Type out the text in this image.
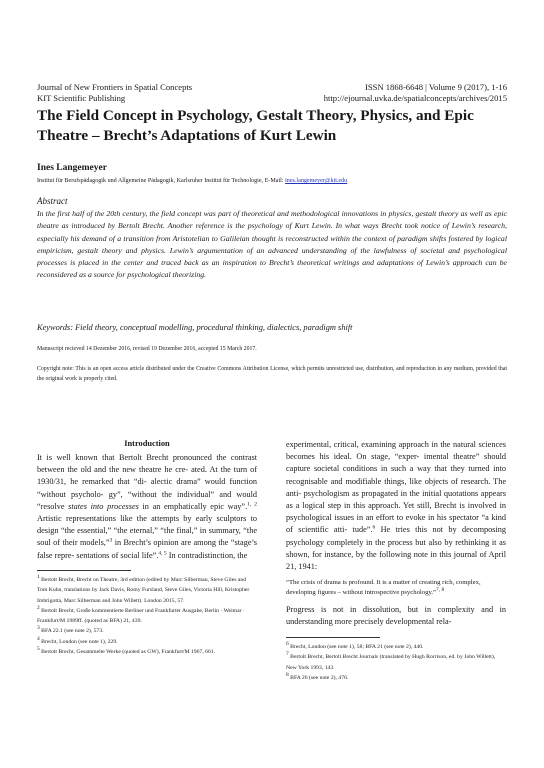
Journal of New Frontiers in Spatial Concepts
KIT Scientific Publishing
ISSN 1868-6648 | Volume 9 (2017), 1-16
http://ejournal.uvka.de/spatialconcepts/archives/2015
The Field Concept in Psychology, Gestalt Theory, Physics, and Epic Theatre – Brecht’s Adaptations of Kurt Lewin
Ines Langemeyer
Institut für Berufspädagogik und Allgemeine Pädagogik, Karlsruher Institut für Technologie, E-Mail: ines.langemeyer@kit.edu
Abstract
In the first half of the 20th century, the field concept was part of theoretical and methodological innovations in physics, gestalt theory as well as epic theatre as introduced by Bertolt Brecht. Another reference is the psychology of Kurt Lewin. In what ways Brecht took notice of Lewin’s research, especially his demand of a transition from Aristotelian to Galileian thought is reconstructed within the context of paradigm shifts fostered by logical empiricism, gestalt theory and physics. Lewin’s argumentation of an advanced understanding of the lawfulness of societal and psychological processes is placed in the center and traced back as an inspiration to Brecht’s theoretical writings and adaptations of Lewin’s approach can be reconsidered as a source for psychological theorizing.
Keywords: Field theory, conceptual modelling, procedural thinking, dialectics, paradigm shift
Manuscript recieved 14 Dezember 2016, revised 19 Dezember 2016, accepted 15 March 2017.
Copyright note: This is an open access article distributed under the Creative Commons Attribution License, which permits unrestricted use, distribution, and reproduction in any medium, provided that the original work is properly cited.
Introduction
It is well known that Bertolt Brecht pronounced the contrast between the old and the new theatre he cre- ated. At the turn of 1930/31, he remarked that “di- alectic drama” would function “without psycholo- gy”, “without the individual” and would “resolve states into processes in an emphatically epic way”.$^{1, 2}$ Artistic representations like the attempts by early sculptors to design “the essential,” “the eternal,” “the final,” in summary, “the soul of their models,”$^3$ in Brecht’s opinion are among the “stage’s false repre- sentations of social life”.$^{4, 5}$ In contradistinction, the

experimental, critical, examining approach in the natural sciences becomes his ideal. On stage, “exper- imental theatre” should capture societal conditions in such a way that they turned into recognisable and modifiable things, like objects of research. The anti- psychologism as propagated in the initial quotations appears as a logical step in this approach. Yet still, Brecht is involved in psychological issues in an effort to evoke in his spectator “a kind of scientific atti- tude”.$^6$ He tries this not by decomposing psychology completely in the process but also by rethinking it as shown, for instance, by the following note in this journal of April 21, 1941:

“The crisis of drama is profound. It is a matter of creating rich, complex, developing figures – without introspective psychology.”$^{7, 8}$

Progress is not in dissolution, but in complexity and in understanding more precisely developmental rela-

$^1$ Bertolt Brecht, Brecht on Theatre, 3rd edition (edited by Marc Silberman, Steve Giles and Tom Kuhn, translations by Jack Davis, Romy Fursland, Steve Giles, Victoria Hill, Kristopher Imbrigotta, Marc Silberman and John Willett). London 2015, 57.

$^2$ Bertolt Brecht, Große kommentierte Berliner und Frankfurter Ausgabe, Berlin · Weimar · Frankfurt/M 1989ff. (quoted as BFA) 21, 439.

$^3$ BFA 22.1 (see note 2), 573.

$^4$ Brecht, London (see note 1), 229.

$^5$ Bertolt Brecht, Gesammelte Werke (quoted as GW), Frankfurt/M 1967, 661.

$^6$ Brecht, London (see note 1), 58; BFA 21 (see note 2), 440.

$^7$ Bertolt Brecht, Bertolt Brecht Journals (translated by Hugh Rorrison, ed. by John Willett), New York 1993, 143.

$^8$ BFA 26 (see note 2), 476.
